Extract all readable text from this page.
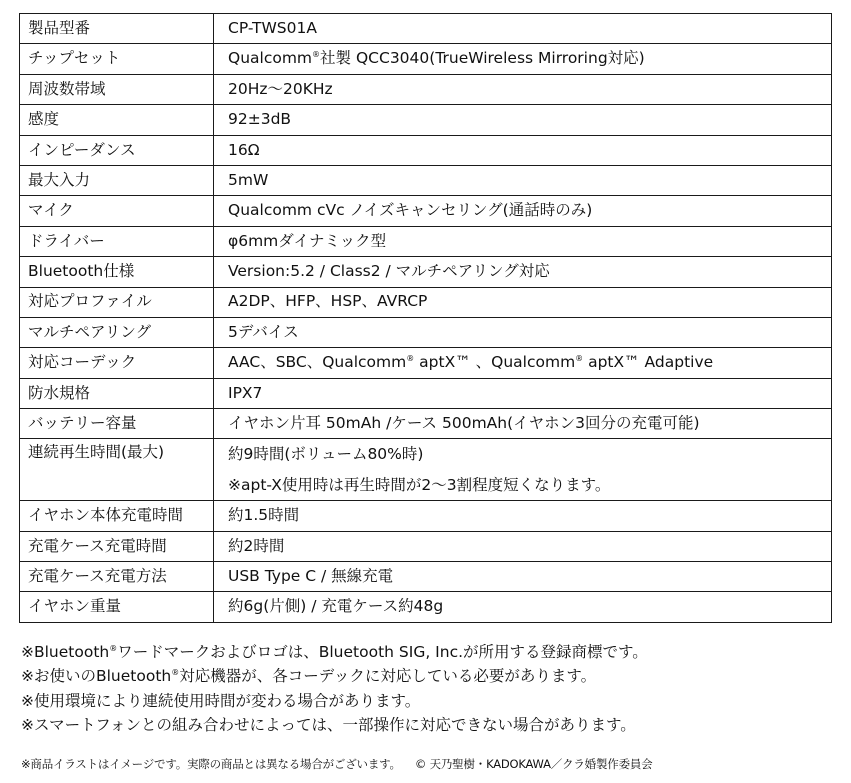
製品型番	CP-TWS01A
チップセット	Qualcomm®社製 QCC3040(TrueWireless Mirroring対応)
周波数帯域	20Hz〜20KHz
感度	92±3dB
インピーダンス	16Ω
最大入力	5mW
マイク	Qualcomm cVc ノイズキャンセリング(通話時のみ)
ドライバー	φ6mmダイナミック型
Bluetooth仕様	Version:5.2 / Class2 / マルチペアリング対応
対応プロファイル	A2DP、HFP、HSP、AVRCP
マルチペアリング	5デバイス
対応コーデック	AAC、SBC、Qualcomm® aptX™ 、Qualcomm® aptX™ Adaptive
防水規格	IPX7
バッテリー容量	イヤホン片耳 50mAh /ケース 500mAh(イヤホン3回分の充電可能)
連続再生時間(最大)	約9時間(ボリューム80%時)
※apt-X使用時は再生時間が2〜3割程度短くなります。

イヤホン本体充電時間	約1.5時間
充電ケース充電時間	約2時間
充電ケース充電方法	USB Type C / 無線充電
イヤホン重量	約6g(片側) / 充電ケース約48g
※Bluetooth®ワードマークおよびロゴは、Bluetooth SIG, Inc.が所用する登録商標です。
※お使いのBluetooth®対応機器が、各コーデックに対応している必要があります。
※使用環境により連続使用時間が変わる場合があります。
※スマートフォンとの組み合わせによっては、一部操作に対応できない場合があります。
※商品イラストはイメージです。実際の商品とは異なる場合がございます。 © 天乃聖樹・KADOKAWA／クラ婚製作委員会
